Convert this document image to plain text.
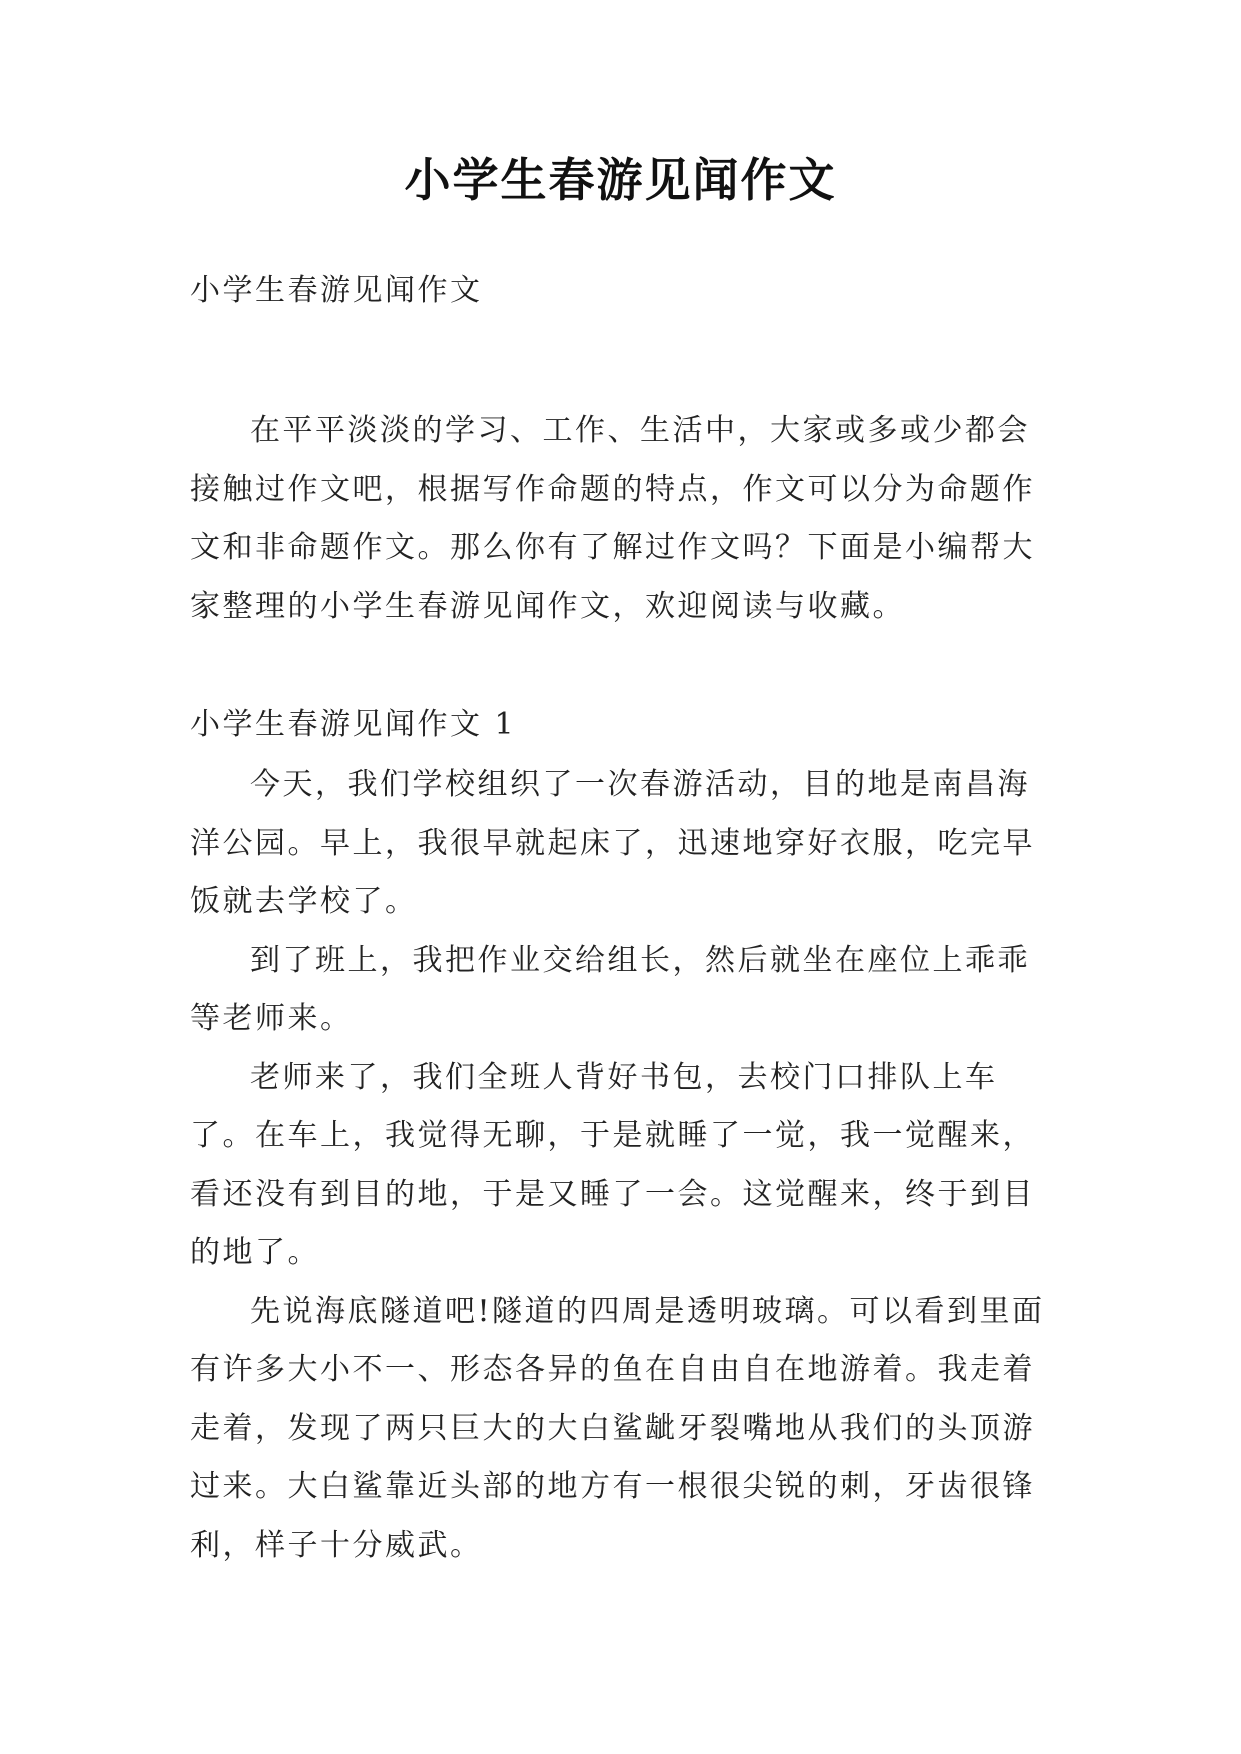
小学生春游见闻作文

小学生春游见闻作文

在平平淡淡的学习、工作、生活中，大家或多或少都会接触过作文吧，根据写作命题的特点，作文可以分为命题作文和非命题作文。那么你有了解过作文吗？下面是小编帮大家整理的小学生春游见闻作文，欢迎阅读与收藏。

小学生春游见闻作文 1

今天，我们学校组织了一次春游活动，目的地是南昌海洋公园。早上，我很早就起床了，迅速地穿好衣服，吃完早饭就去学校了。

到了班上，我把作业交给组长，然后就坐在座位上乖乖等老师来。

老师来了，我们全班人背好书包，去校门口排队上车了。在车上，我觉得无聊，于是就睡了一觉，我一觉醒来，看还没有到目的地，于是又睡了一会。这觉醒来，终于到目的地了。

先说海底隧道吧!隧道的四周是透明玻璃。可以看到里面有许多大小不一、形态各异的鱼在自由自在地游着。我走着走着，发现了两只巨大的大白鲨龇牙裂嘴地从我们的头顶游过来。大白鲨靠近头部的地方有一根很尖锐的刺，牙齿很锋利，样子十分威武。
